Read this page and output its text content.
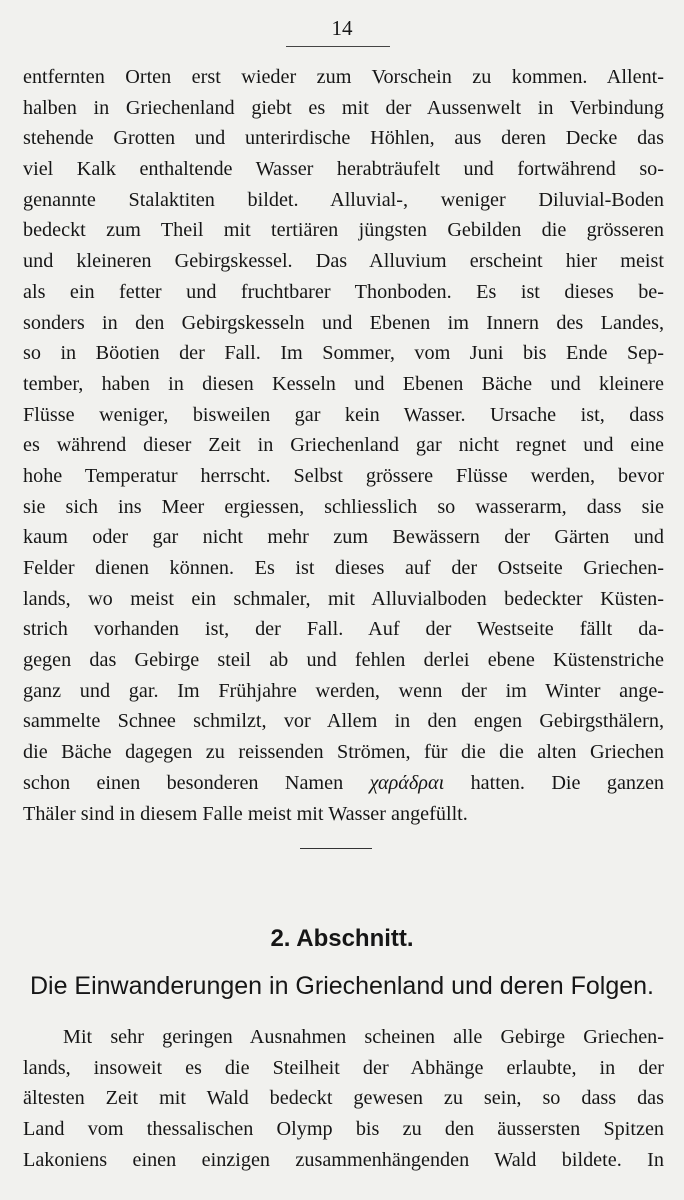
14
entfernten Orten erst wieder zum Vorschein zu kommen. Allent-
halben in Griechenland giebt es mit der Aussenwelt in Verbindung
stehende Grotten und unterirdische Höhlen, aus deren Decke das
viel Kalk enthaltende Wasser herabträufelt und fortwährend so-
genannte Stalaktiten bildet. Alluvial-, weniger Diluvial-Boden
bedeckt zum Theil mit tertiären jüngsten Gebilden die grösseren
und kleineren Gebirgskessel. Das Alluvium erscheint hier meist
als ein fetter und fruchtbarer Thonboden. Es ist dieses be-
sonders in den Gebirgskesseln und Ebenen im Innern des Landes,
so in Böotien der Fall. Im Sommer, vom Juni bis Ende Sep-
tember, haben in diesen Kesseln und Ebenen Bäche und kleinere
Flüsse weniger, bisweilen gar kein Wasser. Ursache ist, dass
es während dieser Zeit in Griechenland gar nicht regnet und eine
hohe Temperatur herrscht. Selbst grössere Flüsse werden, bevor
sie sich ins Meer ergiessen, schliesslich so wasserarm, dass sie
kaum oder gar nicht mehr zum Bewässern der Gärten und
Felder dienen können. Es ist dieses auf der Ostseite Griechen-
lands, wo meist ein schmaler, mit Alluvialboden bedeckter Küsten-
strich vorhanden ist, der Fall. Auf der Westseite fällt da-
gegen das Gebirge steil ab und fehlen derlei ebene Küstenstriche
ganz und gar. Im Frühjahre werden, wenn der im Winter ange-
sammelte Schnee schmilzt, vor Allem in den engen Gebirgsthälern,
die Bäche dagegen zu reissenden Strömen, für die die alten Griechen
schon einen besonderen Namen χαράδραι hatten. Die ganzen
Thäler sind in diesem Falle meist mit Wasser angefüllt.
2. Abschnitt.
Die Einwanderungen in Griechenland und deren Folgen.
Mit sehr geringen Ausnahmen scheinen alle Gebirge Griechen-
lands, insoweit es die Steilheit der Abhänge erlaubte, in der
ältesten Zeit mit Wald bedeckt gewesen zu sein, so dass das
Land vom thessalischen Olymp bis zu den äussersten Spitzen
Lakoniens einen einzigen zusammenhängenden Wald bildete. In
